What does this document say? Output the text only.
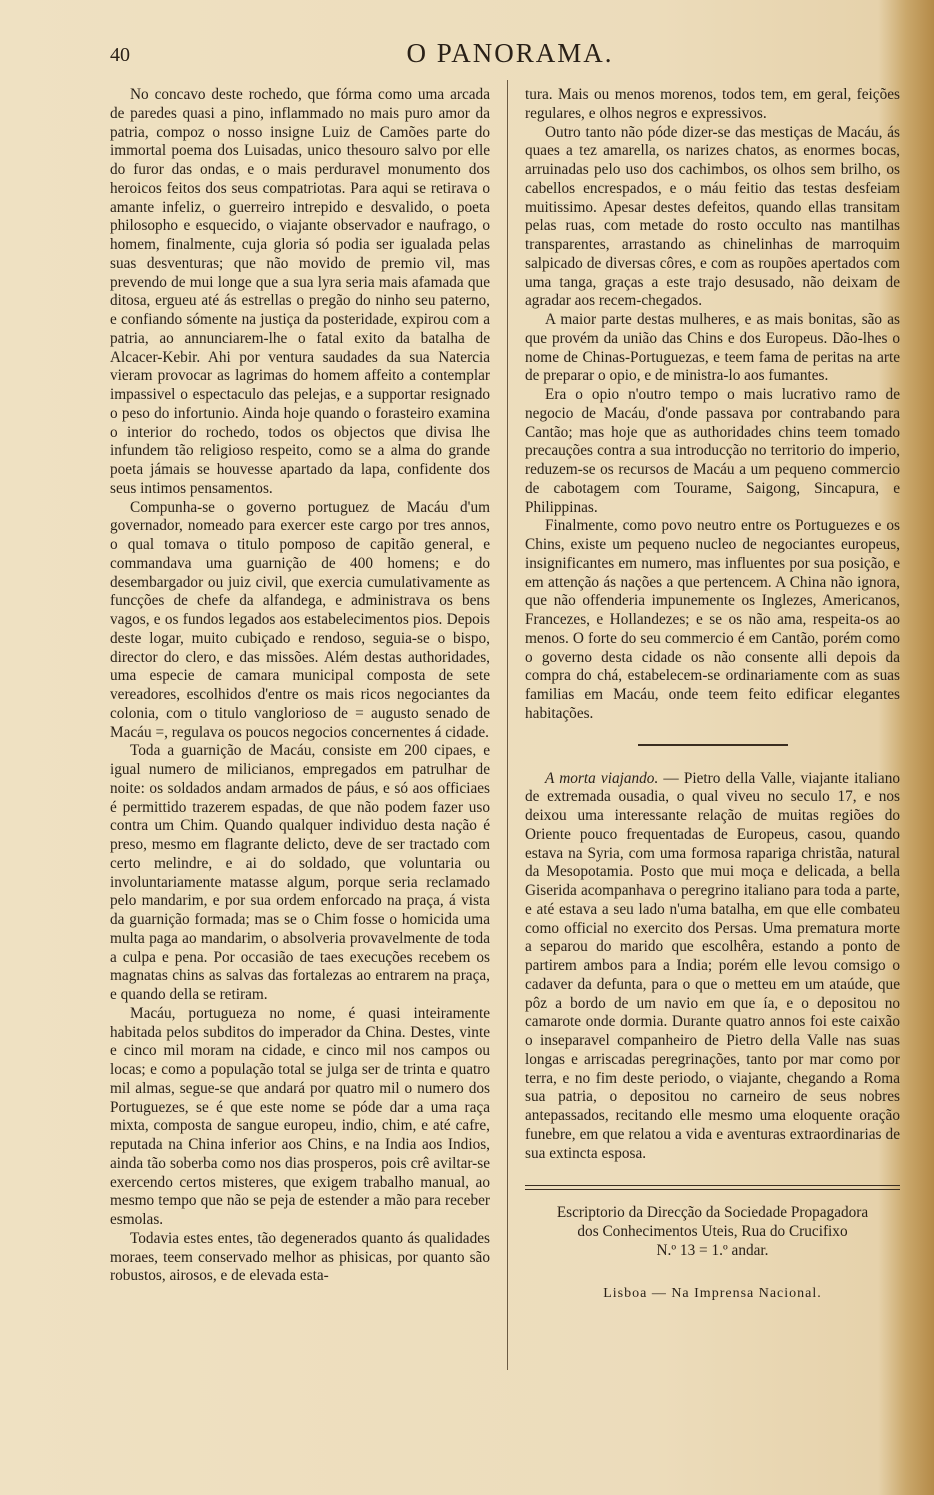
40	O PANORAMA.

No concavo deste rochedo, que fórma como uma arcada de paredes quasi a pino, inflammado no mais puro amor da patria, compoz o nosso insigne Luiz de Camões parte do immortal poema dos Luisadas, unico thesouro salvo por elle do furor das ondas, e o mais perduravel monumento dos heroicos feitos dos seus compatriotas. Para aqui se retirava o amante infeliz, o guerreiro intrepido e desvalido, o poeta philosopho e esquecido, o viajante observador e naufrago, o homem, finalmente, cuja gloria só podia ser igualada pelas suas desventuras; que não movido de premio vil, mas prevendo de mui longe que a sua lyra seria mais afamada que ditosa, ergueu até ás estrellas o pregão do ninho seu paterno, e confiando sómente na justiça da posteridade, expirou com a patria, ao annunciarem-lhe o fatal exito da batalha de Alcacer-Kebir. Ahi por ventura saudades da sua Natercia vieram provocar as lagrimas do homem affeito a contemplar impassivel o espectaculo das pelejas, e a supportar resignado o peso do infortunio. Ainda hoje quando o forasteiro examina o interior do rochedo, todos os objectos que divisa lhe infundem tão religioso respeito, como se a alma do grande poeta jámais se houvesse apartado da lapa, confidente dos seus intimos pensamentos.

Compunha-se o governo portuguez de Macáu d'um governador, nomeado para exercer este cargo por tres annos, o qual tomava o titulo pomposo de capitão general, e commandava uma guarnição de 400 homens; e do desembargador ou juiz civil, que exercia cumulativamente as funcções de chefe da alfandega, e administrava os bens vagos, e os fundos legados aos estabelecimentos pios. Depois deste logar, muito cubiçado e rendoso, seguia-se o bispo, director do clero, e das missões. Além destas authoridades, uma especie de camara municipal composta de sete vereadores, escolhidos d'entre os mais ricos negociantes da colonia, com o titulo vanglorioso de = augusto senado de Macáu =, regulava os poucos negocios concernentes á cidade.

Toda a guarnição de Macáu, consiste em 200 cipaes, e igual numero de milicianos, empregados em patrulhar de noite: os soldados andam armados de páus, e só aos officiaes é permittido trazerem espadas, de que não podem fazer uso contra um Chim. Quando qualquer individuo desta nação é preso, mesmo em flagrante delicto, deve de ser tractado com certo melindre, e ai do soldado, que voluntaria ou involuntariamente matasse algum, porque seria reclamado pelo mandarim, e por sua ordem enforcado na praça, á vista da guarnição formada; mas se o Chim fosse o homicida uma multa paga ao mandarim, o absolveria provavelmente de toda a culpa e pena. Por occasião de taes execuções recebem os magnatas chins as salvas das fortalezas ao entrarem na praça, e quando della se retiram.

Macáu, portugueza no nome, é quasi inteiramente habitada pelos subditos do imperador da China. Destes, vinte e cinco mil moram na cidade, e cinco mil nos campos ou locas; e como a população total se julga ser de trinta e quatro mil almas, segue-se que andará por quatro mil o numero dos Portuguezes, se é que este nome se póde dar a uma raça mixta, composta de sangue europeu, indio, chim, e até cafre, reputada na China inferior aos Chins, e na India aos Indios, ainda tão soberba como nos dias prosperos, pois crê aviltar-se exercendo certos misteres, que exigem trabalho manual, ao mesmo tempo que não se peja de estender a mão para receber esmolas.

Todavia estes entes, tão degenerados quanto ás qualidades moraes, teem conservado melhor as phisicas, por quanto são robustos, airosos, e de elevada esta-

tura. Mais ou menos morenos, todos tem, em geral, feições regulares, e olhos negros e expressivos.

Outro tanto não póde dizer-se das mestiças de Macáu, ás quaes a tez amarella, os narizes chatos, as enormes bocas, arruinadas pelo uso dos cachimbos, os olhos sem brilho, os cabellos encrespados, e o máu feitio das testas desfeiam muitissimo. Apesar destes defeitos, quando ellas transitam pelas ruas, com metade do rosto occulto nas mantilhas transparentes, arrastando as chinelinhas de marroquim salpicado de diversas côres, e com as roupões apertados com uma tanga, graças a este trajo desusado, não deixam de agradar aos recem-chegados.

A maior parte destas mulheres, e as mais bonitas, são as que provém da união das Chins e dos Europeus. Dão-lhes o nome de Chinas-Portuguezas, e teem fama de peritas na arte de preparar o opio, e de ministra-lo aos fumantes.

Era o opio n'outro tempo o mais lucrativo ramo de negocio de Macáu, d'onde passava por contrabando para Cantão; mas hoje que as authoridades chins teem tomado precauções contra a sua introducção no territorio do imperio, reduzem-se os recursos de Macáu a um pequeno commercio de cabotagem com Tourame, Saigong, Sincapura, e Philippinas.

Finalmente, como povo neutro entre os Portuguezes e os Chins, existe um pequeno nucleo de negociantes europeus, insignificantes em numero, mas influentes por sua posição, e em attenção ás nações a que pertencem. A China não ignora, que não offenderia impunemente os Inglezes, Americanos, Francezes, e Hollandezes; e se os não ama, respeita-os ao menos. O forte do seu commercio é em Cantão, porém como o governo desta cidade os não consente alli depois da compra do chá, estabelecem-se ordinariamente com as suas familias em Macáu, onde teem feito edificar elegantes habitações.

A morta viajando. — Pietro della Valle, viajante italiano de extremada ousadia, o qual viveu no seculo 17, e nos deixou uma interessante relação de muitas regiões do Oriente pouco frequentadas de Europeus, casou, quando estava na Syria, com uma formosa rapariga christãa, natural da Mesopotamia. Posto que mui moça e delicada, a bella Giserida acompanhava o peregrino italiano para toda a parte, e até estava a seu lado n'uma batalha, em que elle combateu como official no exercito dos Persas. Uma prematura morte a separou do marido que escolhêra, estando a ponto de partirem ambos para a India; porém elle levou comsigo o cadaver da defunta, para o que o metteu em um ataúde, que pôz a bordo de um navio em que ía, e o depositou no camarote onde dormia. Durante quatro annos foi este caixão o inseparavel companheiro de Pietro della Valle nas suas longas e arriscadas peregrinações, tanto por mar como por terra, e no fim deste periodo, o viajante, chegando a Roma sua patria, o depositou no carneiro de seus nobres antepassados, recitando elle mesmo uma eloquente oração funebre, em que relatou a vida e aventuras extraordinarias de sua extincta esposa.

Escriptorio da Direcção da Sociedade Propagadora
dos Conhecimentos Uteis, Rua do Crucifixo
N.º 13 = 1.º andar.
Lisboa — Na Imprensa Nacional.
